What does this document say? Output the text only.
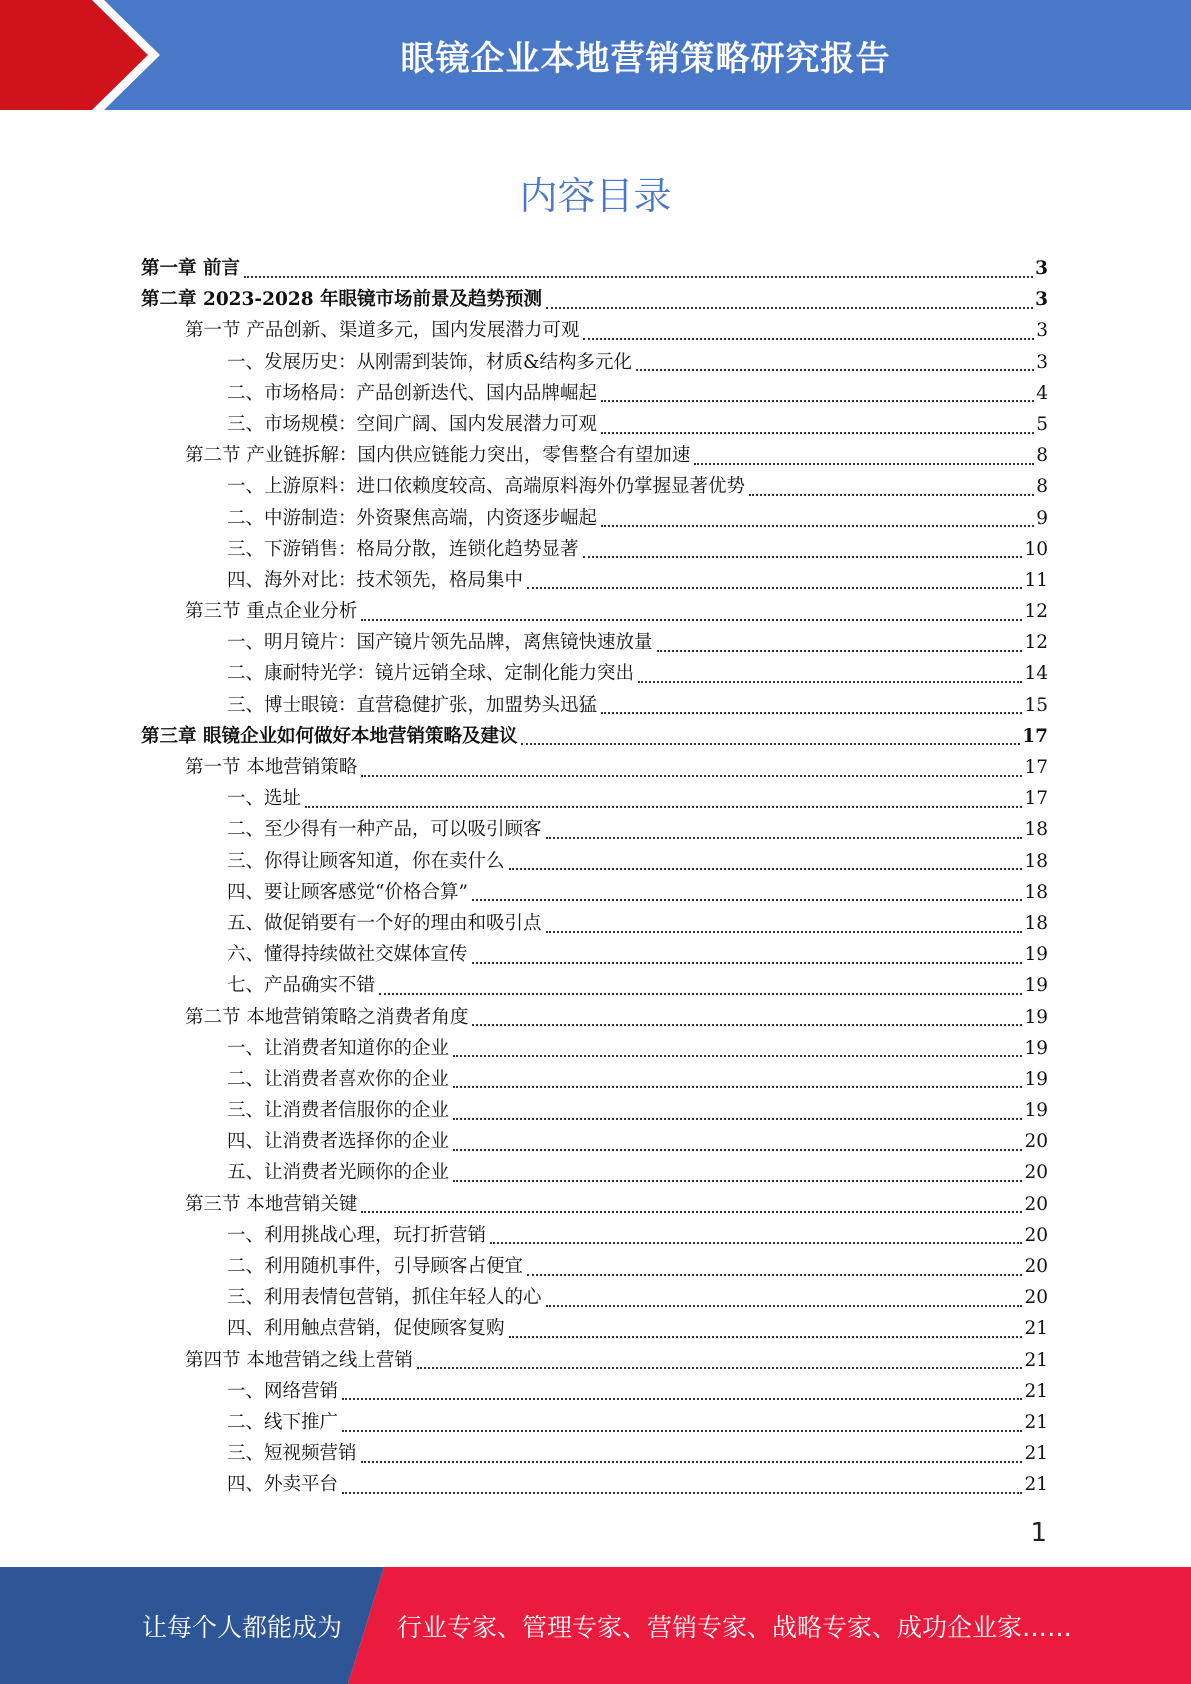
眼镜企业本地营销策略研究报告
内容目录
第一章 前言	3
第二章 2023-2028 年眼镜市场前景及趋势预测	3
第一节 产品创新、渠道多元，国内发展潜力可观	3
一、发展历史：从刚需到装饰，材质&结构多元化	3
二、市场格局：产品创新迭代、国内品牌崛起	4
三、市场规模：空间广阔、国内发展潜力可观	5
第二节 产业链拆解：国内供应链能力突出，零售整合有望加速	8
一、上游原料：进口依赖度较高、高端原料海外仍掌握显著优势	8
二、中游制造：外资聚焦高端，内资逐步崛起	9
三、下游销售：格局分散，连锁化趋势显著	10
四、海外对比：技术领先，格局集中	11
第三节 重点企业分析	12
一、明月镜片：国产镜片领先品牌，离焦镜快速放量	12
二、康耐特光学：镜片远销全球、定制化能力突出	14
三、博士眼镜：直营稳健扩张，加盟势头迅猛	15
第三章 眼镜企业如何做好本地营销策略及建议	17
第一节 本地营销策略	17
一、选址	17
二、至少得有一种产品，可以吸引顾客	18
三、你得让顾客知道，你在卖什么	18
四、要让顾客感觉“价格合算”	18
五、做促销要有一个好的理由和吸引点	18
六、懂得持续做社交媒体宣传	19
七、产品确实不错	19
第二节 本地营销策略之消费者角度	19
一、让消费者知道你的企业	19
二、让消费者喜欢你的企业	19
三、让消费者信服你的企业	19
四、让消费者选择你的企业	20
五、让消费者光顾你的企业	20
第三节 本地营销关键	20
一、利用挑战心理，玩打折营销	20
二、利用随机事件，引导顾客占便宜	20
三、利用表情包营销，抓住年轻人的心	20
四、利用触点营销，促使顾客复购	21
第四节 本地营销之线上营销	21
一、网络营销	21
二、线下推广	21
三、短视频营销	21
四、外卖平台	21
1
让每个人都能成为 行业专家、管理专家、营销专家、战略专家、成功企业家……
